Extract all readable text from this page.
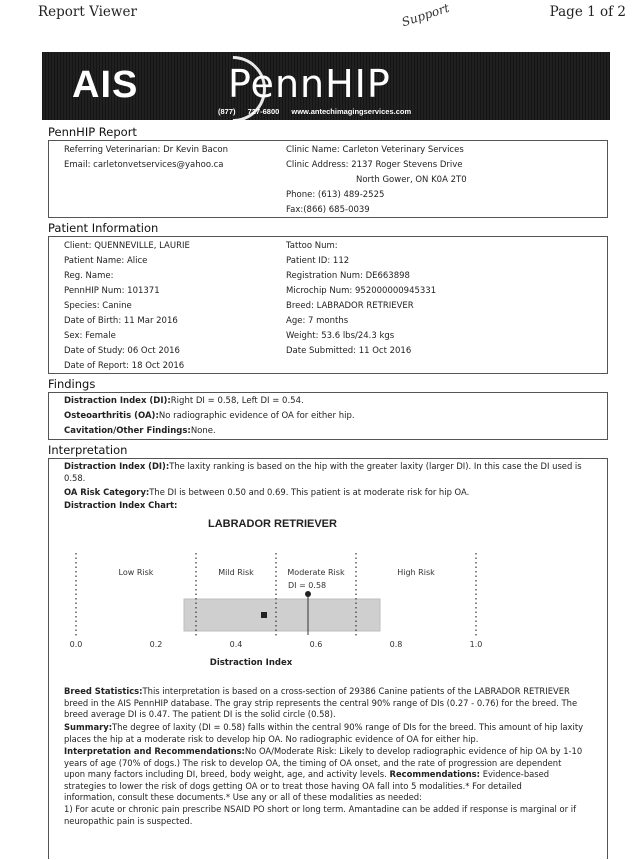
Report Viewer	Page 1 of 2
Support
AIS PennHIP
(877) 727-6800 www.antechimagingservices.com
PennHIP Report
Referring Veterinarian: Dr Kevin Bacon
Email: carletonvetservices@yahoo.ca
Clinic Name: Carleton Veterinary Services
Clinic Address: 2137 Roger Stevens Drive
North Gower, ON K0A 2T0
Phone: (613) 489-2525
Fax:(866) 685-0039
Patient Information
Client: QUENNEVILLE, LAURIE
Patient Name: Alice
Reg. Name:
PennHIP Num: 101371
Species: Canine
Date of Birth: 11 Mar 2016
Sex: Female
Date of Study: 06 Oct 2016
Date of Report: 18 Oct 2016
Tattoo Num:
Patient ID: 112
Registration Num: DE663898
Microchip Num: 952000000945331
Breed: LABRADOR RETRIEVER
Age: 7 months
Weight: 53.6 lbs/24.3 kgs
Date Submitted: 11 Oct 2016
Findings
Distraction Index (DI):Right DI = 0.58, Left DI = 0.54.
Osteoarthritis (OA):No radiographic evidence of OA for either hip.
Cavitation/Other Findings:None.
Interpretation
Distraction Index (DI):The laxity ranking is based on the hip with the greater laxity (larger DI). In this case the DI used is
0.58.
OA Risk Category:The DI is between 0.50 and 0.69. This patient is at moderate risk for hip OA.
Distraction Index Chart:
LABRADOR RETRIEVER
Low Risk	Mild Risk	Moderate Risk	High Risk
DI = 0.58
0.0	0.2	0.4	0.6	0.8	1.0
Distraction Index
Breed Statistics:This interpretation is based on a cross-section of 29386 Canine patients of the LABRADOR RETRIEVER
breed in the AIS PennHIP database. The gray strip represents the central 90% range of DIs (0.27 - 0.76) for the breed. The
breed average DI is 0.47. The patient DI is the solid circle (0.58).
Summary:The degree of laxity (DI = 0.58) falls within the central 90% range of DIs for the breed. This amount of hip laxity
places the hip at a moderate risk to develop hip OA. No radiographic evidence of OA for either hip.
Interpretation and Recommendations:No OA/Moderate Risk: Likely to develop radiographic evidence of hip OA by 1-10
years of age (70% of dogs.) The risk to develop OA, the timing of OA onset, and the rate of progression are dependent
upon many factors including DI, breed, body weight, age, and activity levels. Recommendations: Evidence-based
strategies to lower the risk of dogs getting OA or to treat those having OA fall into 5 modalities.* For detailed
information, consult these documents.* Use any or all of these modalities as needed:
1) For acute or chronic pain prescribe NSAID PO short or long term. Amantadine can be added if response is marginal or if
neuropathic pain is suspected.
